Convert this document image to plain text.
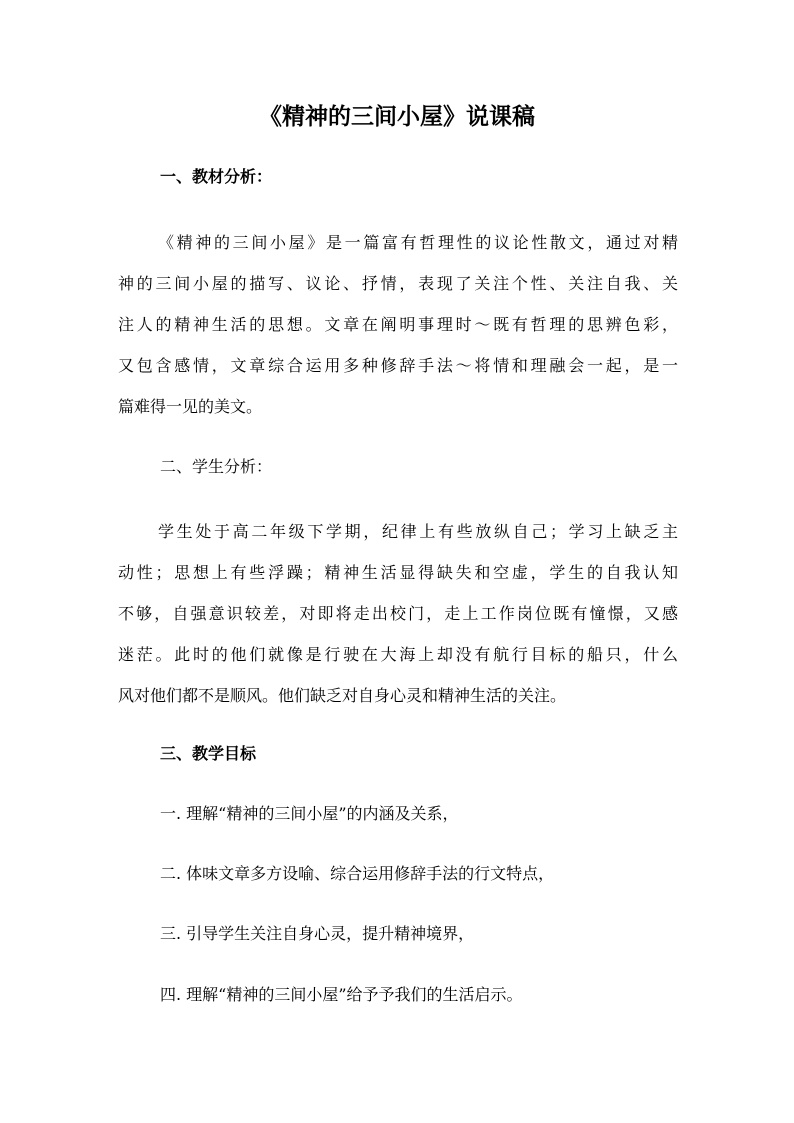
《精神的三间小屋》说课稿
一、教材分析：

《精神的三间小屋》是一篇富有哲理性的议论性散文，通过对精
神的三间小屋的描写、议论、抒情，表现了关注个性、关注自我、关
注人的精神生活的思想。文章在阐明事理时～既有哲理的思辨色彩，
又包含感情，文章综合运用多种修辞手法～将情和理融会一起，是一
篇难得一见的美文。

二、学生分析：

学生处于高二年级下学期，纪律上有些放纵自己；学习上缺乏主
动性；思想上有些浮躁；精神生活显得缺失和空虚，学生的自我认知
不够，自强意识较差，对即将走出校门，走上工作岗位既有憧憬，又感
迷茫。此时的他们就像是行驶在大海上却没有航行目标的船只，什么
风对他们都不是顺风。他们缺乏对自身心灵和精神生活的关注。

三、教学目标

一. 理解“精神的三间小屋”的内涵及关系，

二. 体味文章多方设喻、综合运用修辞手法的行文特点，

三. 引导学生关注自身心灵，提升精神境界，

四. 理解“精神的三间小屋”给予予我们的生活启示。
